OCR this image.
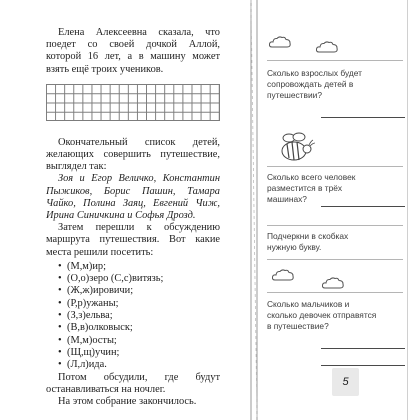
Елена Алексеевна сказала, что поедет со своей дочкой Аллой, которой 16 лет, а в машину может взять ещё троих учеников.

Окончательный список детей, желающих совершить путешествие, выглядел так:

Зоя и Егор Величко, Константин Пыжиков, Борис Пашин, Тамара Чайко, Полина Заяц, Евгений Чиж, Ирина Синичкина и Софья Дрозд.

Затем перешли к обсуждению маршрута путешествия. Вот какие места решили посетить:

• (М,м)ир;
• (О,о)зеро (С,с)витязь;
• (Ж,ж)ировичи;
• (Р,р)ужаны;
• (З,з)ельва;
• (В,в)олковыск;
• (М,м)осты;
• (Щ,щ)учин;
• (Л,л)ида.

Потом обсудили, где будут останавливаться на ночлег.

На этом собрание закончилось.

Сколько взрослых будет сопровождать детей в путешествии?
Сколько всего человек разместится в трёх машинах?
Подчеркни в скобках нужную букву.
Сколько мальчиков и сколько девочек отправятся в путешествие?
5
